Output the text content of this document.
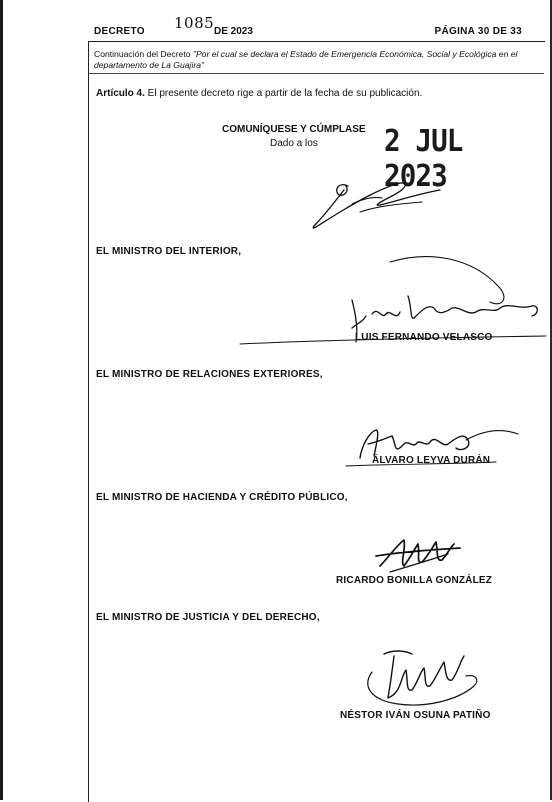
DECRETO 1085 DE 2023	PÁGINA 30 DE 33
Continuación del Decreto "Por el cual se declara el Estado de Emergencia Económica, Social y Ecológica en el departamento de La Guajira"
Artículo 4. El presente decreto rige a partir de la fecha de su publicación.
COMUNÍQUESE Y CÚMPLASE
Dado a los 2 JUL 2023
EL MINISTRO DEL INTERIOR,
LUIS FERNANDO VELASCO
EL MINISTRO DE RELACIONES EXTERIORES,
ÁLVARO LEYVA DURÁN
EL MINISTRO DE HACIENDA Y CRÉDITO PÚBLICO,
RICARDO BONILLA GONZÁLEZ
EL MINISTRO DE JUSTICIA Y DEL DERECHO,
NÉSTOR IVÁN OSUNA PATIÑO
